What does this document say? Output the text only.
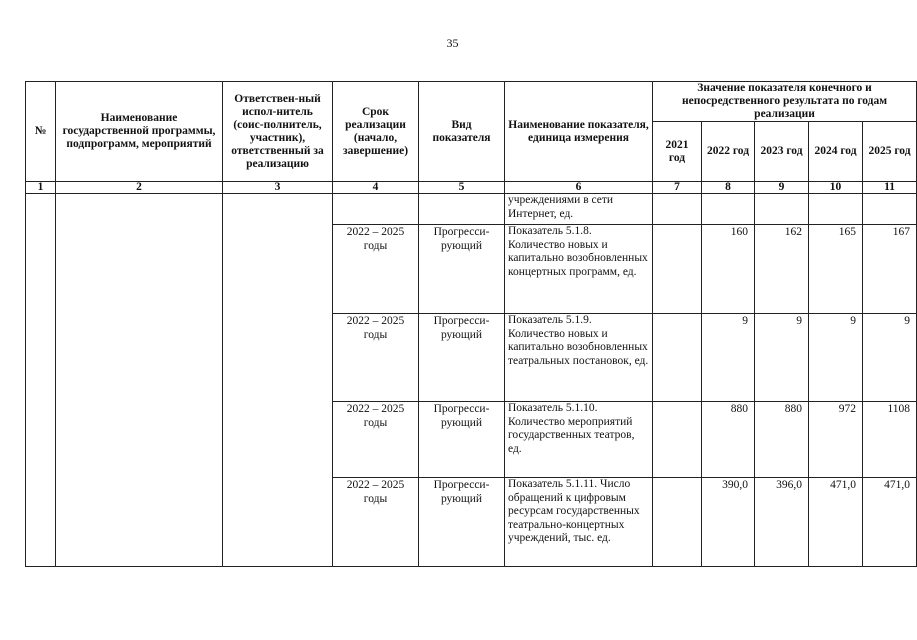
35
№	Наименование государственной программы, подпрограмм, мероприятий	Ответствен-ный испол-нитель (соис-полнитель, участник), ответственный за реализацию	Срок реализации (начало, завершение)	Вид показателя	Наименование показателя, единица измерения	Значение показателя конечного и непосредственного результата по годам реализации				
						2021 год	2022 год	2023 год	2024 год	2025 год
1	2	3	4	5	6	7	8	9	10	11
					учреждениями в сети Интернет, ед.					
			2022 – 2025 годы	Прогресси-рующий	Показатель 5.1.8. Количество новых и капитально возобновленных концертных программ, ед.		160	162	165	167
			2022 – 2025 годы	Прогресси-рующий	Показатель 5.1.9. Количество новых и капитально возобновленных театральных постановок, ед.		9	9	9	9
			2022 – 2025 годы	Прогресси-рующий	Показатель 5.1.10. Количество мероприятий государственных театров, ед.		880	880	972	1108
			2022 – 2025 годы	Прогресси-рующий	Показатель 5.1.11. Число обращений к цифровым ресурсам государственных театрально-концертных учреждений, тыс. ед.		390,0	396,0	471,0	471,0
